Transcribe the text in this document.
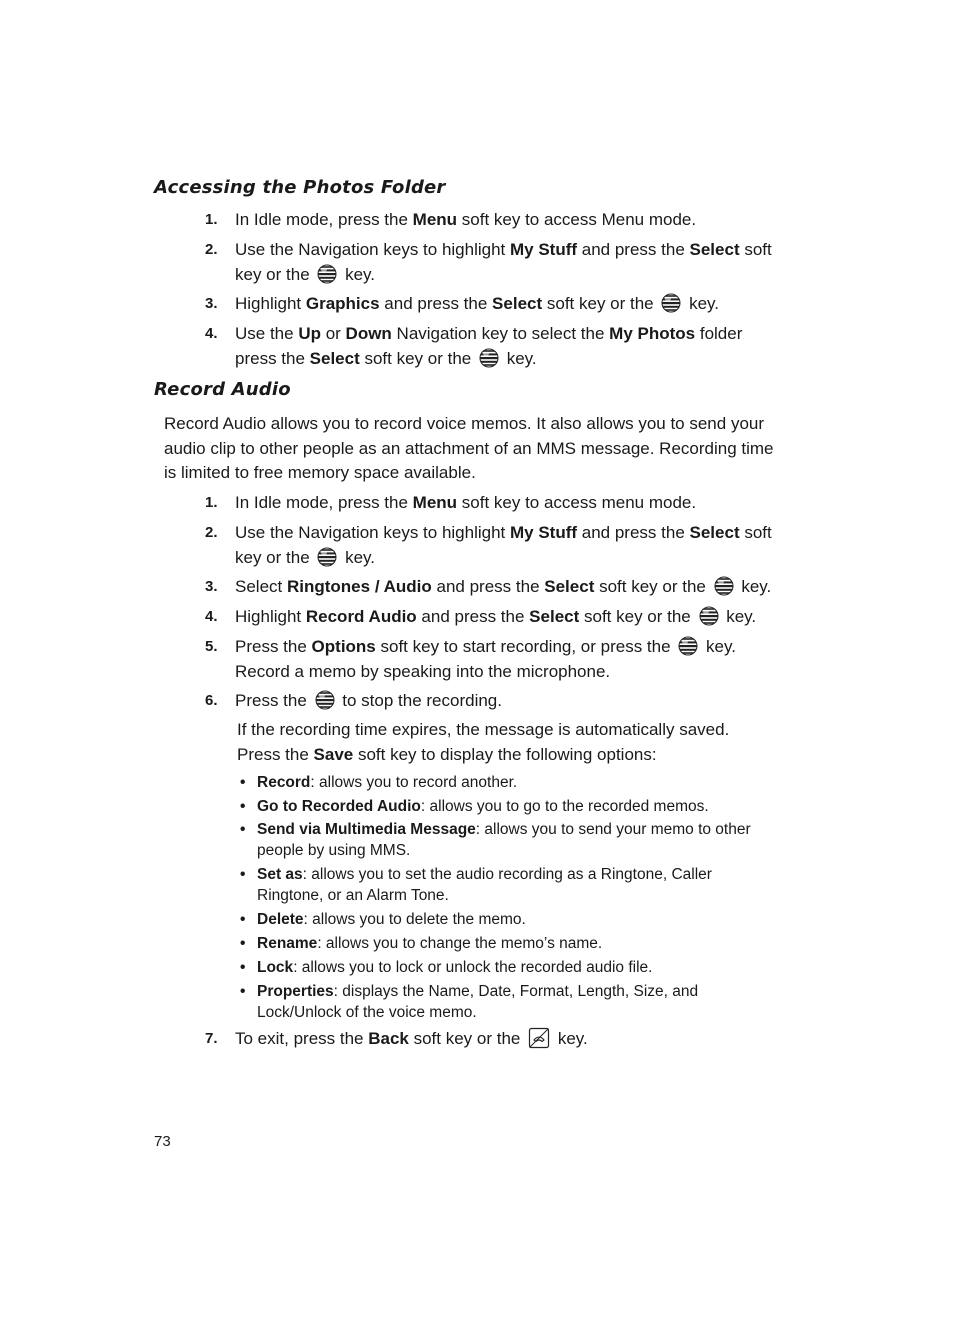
Accessing the Photos Folder
1. In Idle mode, press the Menu soft key to access Menu mode.
2. Use the Navigation keys to highlight My Stuff and press the Select soft key or the  key.
3. Highlight Graphics and press the Select soft key or the  key.
4. Use the Up or Down Navigation key to select the My Photos folder press the Select soft key or the  key.
Record Audio
Record Audio allows you to record voice memos. It also allows you to send your audio clip to other people as an attachment of an MMS message. Recording time is limited to free memory space available.
1. In Idle mode, press the Menu soft key to access menu mode.
2. Use the Navigation keys to highlight My Stuff and press the Select soft key or the  key.
3. Select Ringtones / Audio and press the Select soft key or the  key.
4. Highlight Record Audio and press the Select soft key or the  key.
5. Press the Options soft key to start recording, or press the  key. Record a memo by speaking into the microphone.
6. Press the  to stop the recording.
If the recording time expires, the message is automatically saved. Press the Save soft key to display the following options:
• Record: allows you to record another.
• Go to Recorded Audio: allows you to go to the recorded memos.
• Send via Multimedia Message: allows you to send your memo to other people by using MMS.
• Set as: allows you to set the audio recording as a Ringtone, Caller Ringtone, or an Alarm Tone.
• Delete: allows you to delete the memo.
• Rename: allows you to change the memo’s name.
• Lock: allows you to lock or unlock the recorded audio file.
• Properties: displays the Name, Date, Format, Length, Size, and Lock/Unlock of the voice memo.
7. To exit, press the Back soft key or the  key.
73
